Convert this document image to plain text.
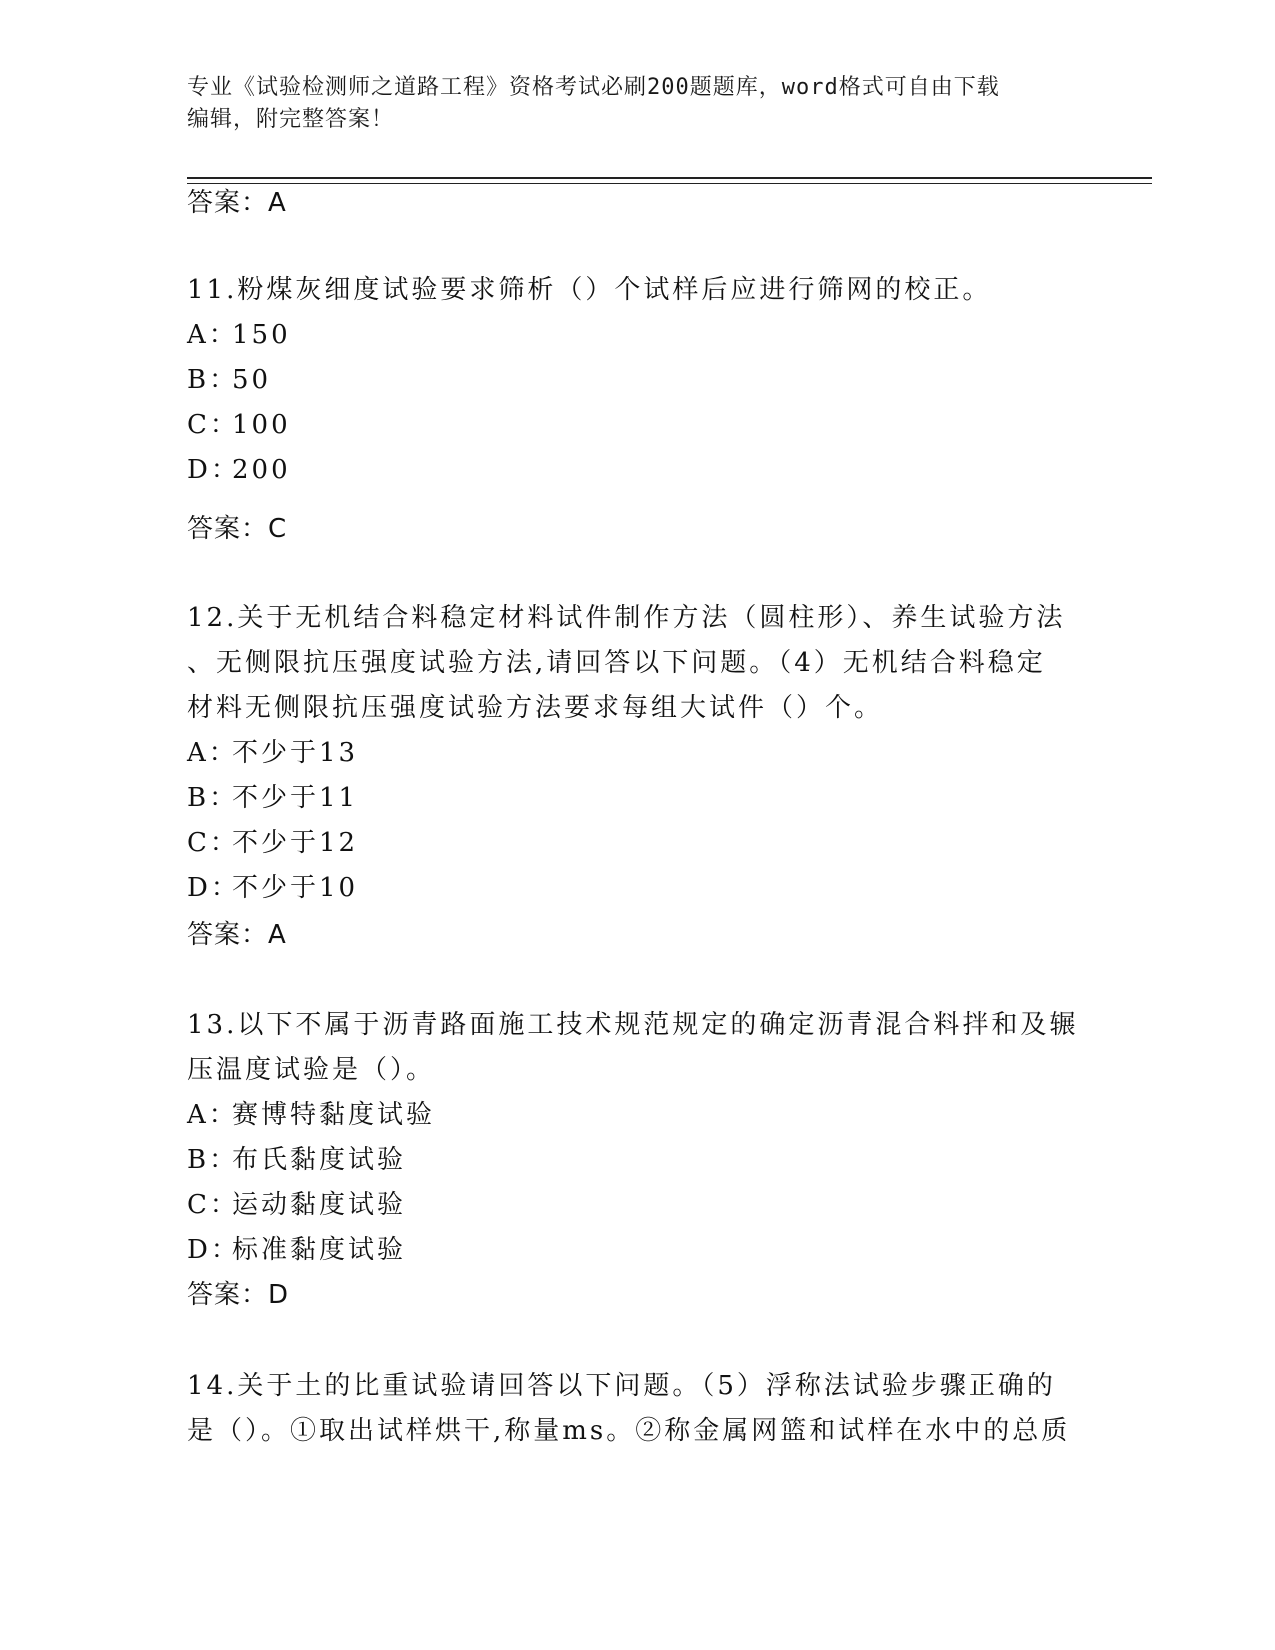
专业《试验检测师之道路工程》资格考试必刷200题题库，word格式可自由下载
编辑，附完整答案！
答案：A

11.粉煤灰细度试验要求筛析（）个试样后应进行筛网的校正。

A：150

B：50

C：100

D：200

答案：C

12.关于无机结合料稳定材料试件制作方法（圆柱形）、养生试验方法

、无侧限抗压强度试验方法,请回答以下问题。（4）无机结合料稳定

材料无侧限抗压强度试验方法要求每组大试件（）个。

A：不少于13

B：不少于11

C：不少于12

D：不少于10

答案：A

13.以下不属于沥青路面施工技术规范规定的确定沥青混合料拌和及辗

压温度试验是（）。

A：赛博特黏度试验

B：布氏黏度试验

C：运动黏度试验

D：标准黏度试验

答案：D

14.关于土的比重试验请回答以下问题。（5）浮称法试验步骤正确的

是（）。①取出试样烘干,称量ms。②称金属网篮和试样在水中的总质
